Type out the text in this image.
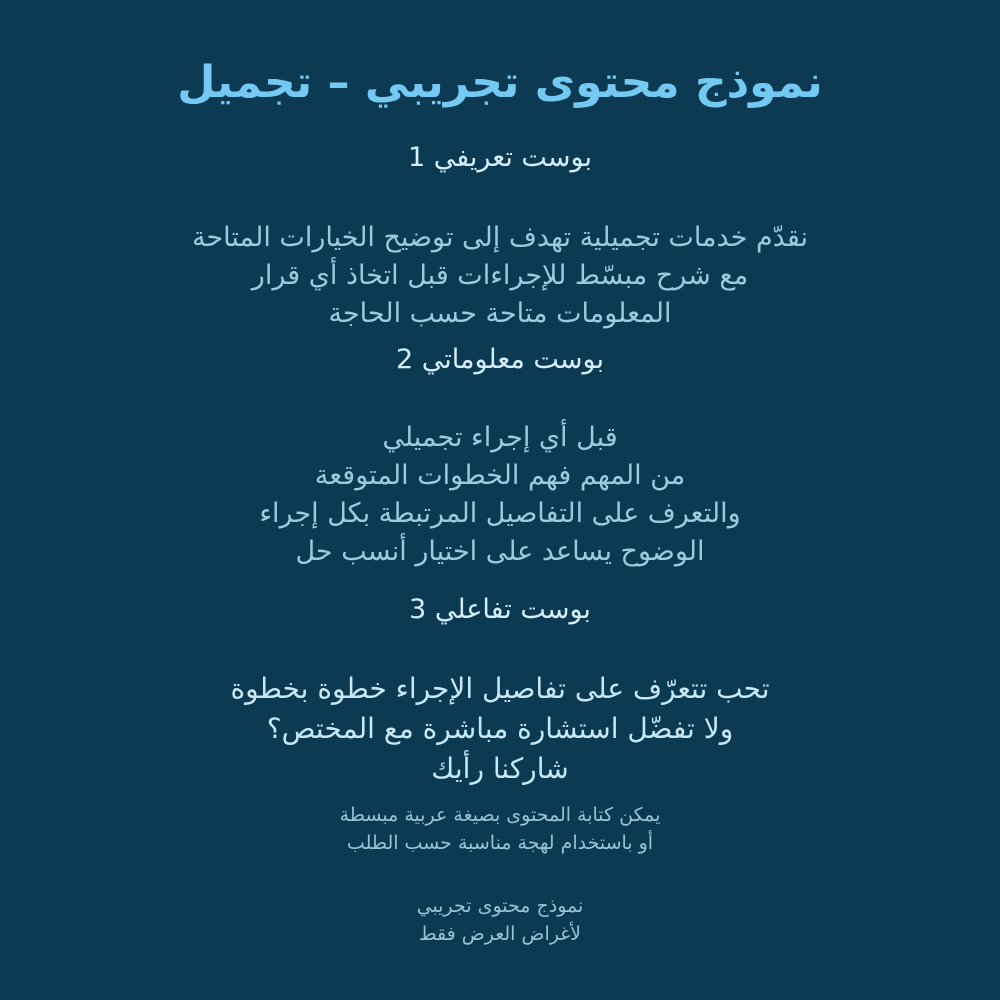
نموذج محتوى تجريبي – تجميل
بوست تعريفي 1
نقدّم خدمات تجميلية تهدف إلى توضيح الخيارات المتاحة
مع شرح مبسّط للإجراءات قبل اتخاذ أي قرار
المعلومات متاحة حسب الحاجة
بوست معلوماتي 2
قبل أي إجراء تجميلي
من المهم فهم الخطوات المتوقعة
والتعرف على التفاصيل المرتبطة بكل إجراء
الوضوح يساعد على اختيار أنسب حل
بوست تفاعلي 3
تحب تتعرّف على تفاصيل الإجراء خطوة بخطوة
ولا تفضّل استشارة مباشرة مع المختص؟
شاركنا رأيك
يمكن كتابة المحتوى بصيغة عربية مبسطة
أو باستخدام لهجة مناسبة حسب الطلب
نموذج محتوى تجريبي
لأغراض العرض فقط
